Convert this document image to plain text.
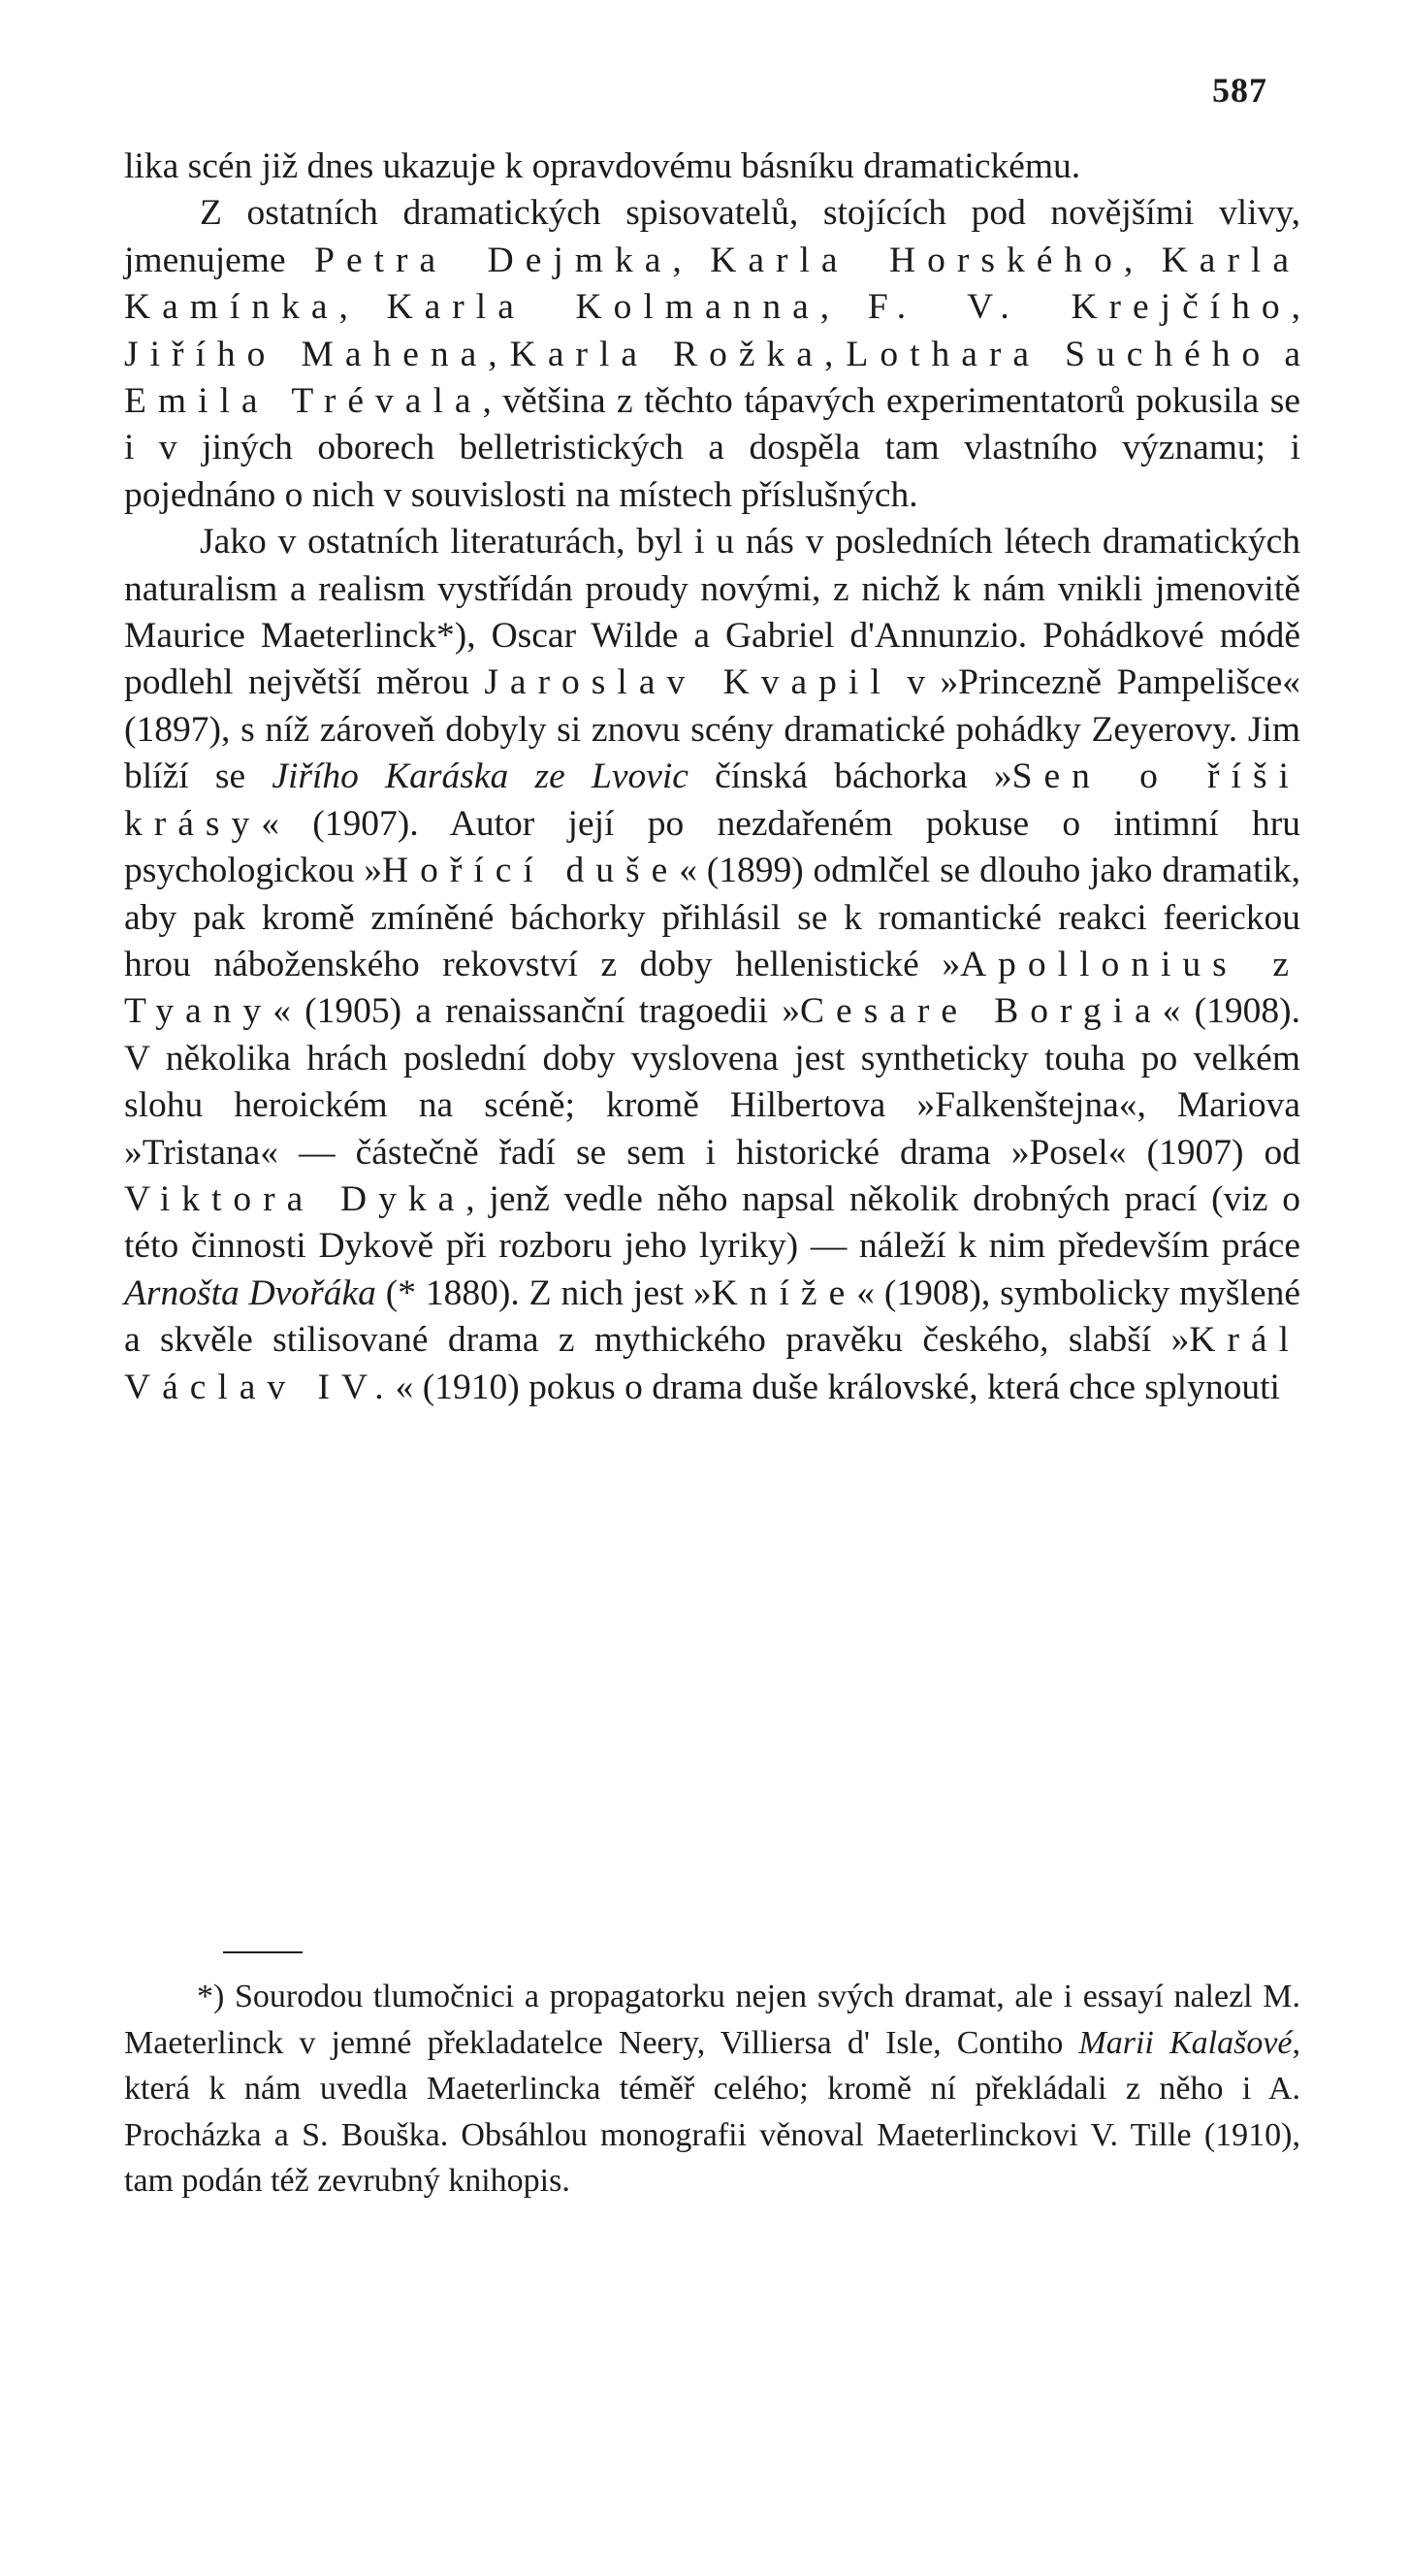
587

lika scén již dnes ukazuje k opravdovému básníku dramatickému.

Z ostatních dramatických spisovatelů, stojících pod novějšími vlivy, jmenujeme Petra Dejmka, Karla Horského, Karla Kamínka, Karla Kolmanna, F. V. Krejčího, Jiřího Mahena, Karla Rožka, Lothara Suchého a Emila Trévala, většina z těchto tápavých experimentatorů pokusila se i v jiných oborech belletristických a dospěla tam vlastního významu; i pojednáno o nich v souvislosti na místech příslušných.

Jako v ostatních literaturách, byl i u nás v posledních létech dramatických naturalism a realism vystřídán proudy novými, z nichž k nám vnikli jmenovitě Maurice Maeterlinck*), Oscar Wilde a Gabriel d'Annunzio. Pohádkové módě podlehl největší měrou Jaroslav Kvapil v »Princezně Pampelišce« (1897), s níž zároveň dobyly si znovu scény dramatické pohádky Zeyerovy. Jim blíží se Jiřího Karáska ze Lvovic čínská báchorka »Sen o říši krásy« (1907). Autor její po nezdařeném pokuse o intimní hru psychologickou »Hořící duše« (1899) odmlčel se dlouho jako dramatik, aby pak kromě zmíněné báchorky přihlásil se k romantické reakci feerickou hrou náboženského rekovství z doby hellenistické »Apollonius z Tyany« (1905) a renaissanční tragoedii »Cesare Borgia« (1908). V několika hrách poslední doby vyslovena jest syntheticky touha po velkém slohu heroickém na scéně; kromě Hilbertova »Falkenštejna«, Mariova »Tristana« — částečně řadí se sem i historické drama »Posel« (1907) od Viktora Dyka, jenž vedle něho napsal několik drobných prací (viz o této činnosti Dykově při rozboru jeho lyriky) — náleží k nim především práce Arnošta Dvořáka (* 1880). Z nich jest »Kníže« (1908), symbolicky myšlené a skvěle stilisované drama z mythického pravěku českého, slabší »Král Václav IV.« (1910) pokus o drama duše královské, která chce splynouti

*) Sourodou tlumočnici a propagatorku nejen svých dramat, ale i essayí nalezl M. Maeterlinck v jemné překladatelce Neery, Villiersa d' Isle, Contiho Marii Kalašové, která k nám uvedla Maeterlincka téměř celého; kromě ní překládali z něho i A. Procházka a S. Bouška. Obsáhlou monografii věnoval Maeterlinckovi V. Tille (1910), tam podán též zevrubný knihopis.
